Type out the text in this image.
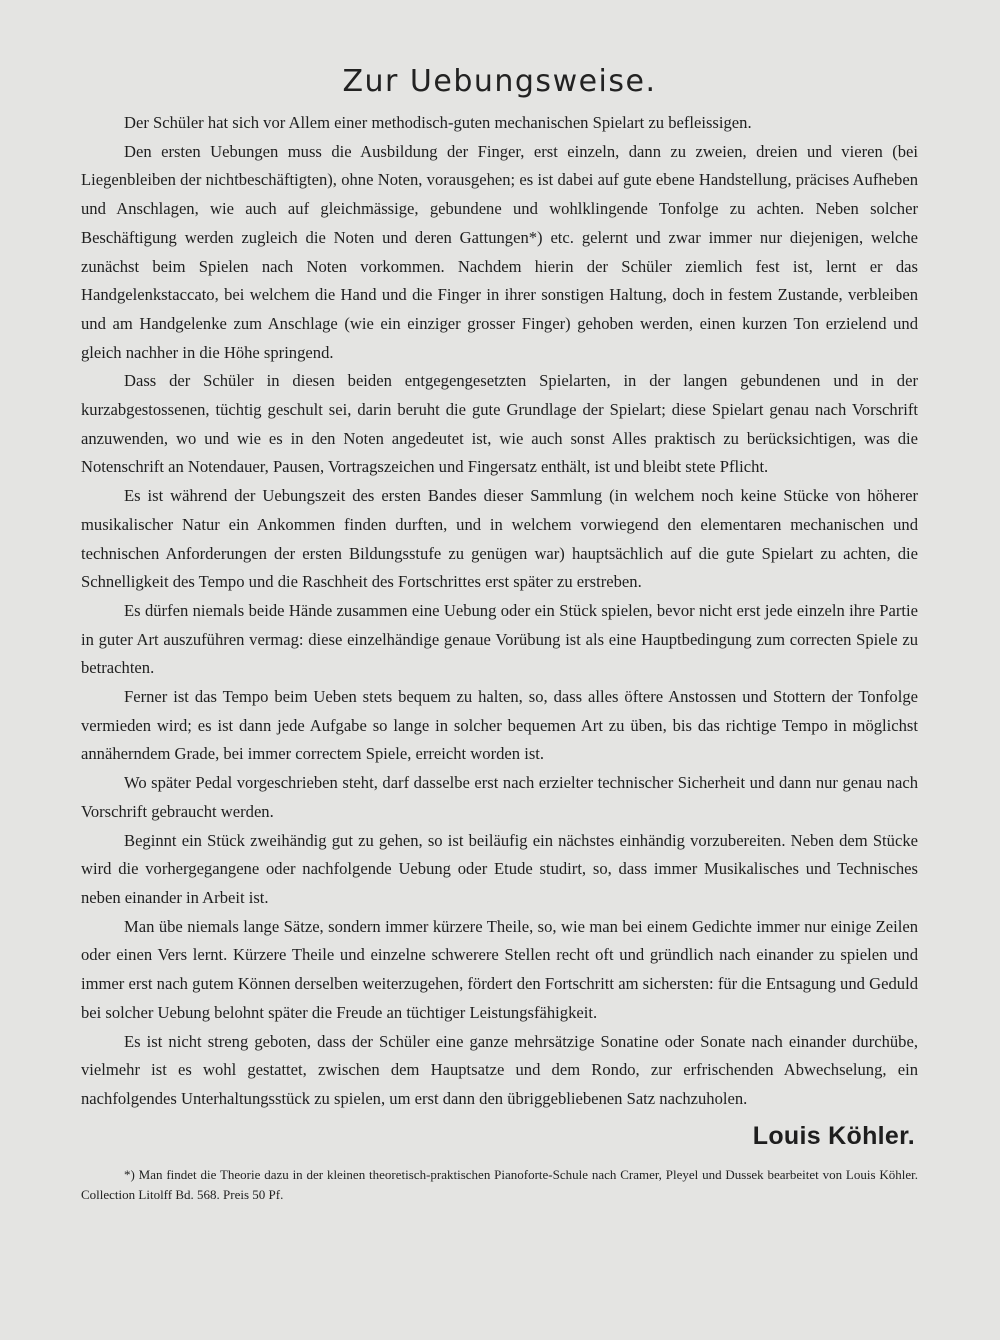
Zur Uebungsweise.

Der Schüler hat sich vor Allem einer methodisch-guten mechanischen Spielart zu befleissigen.

Den ersten Uebungen muss die Ausbildung der Finger, erst einzeln, dann zu zweien, dreien und vieren (bei Liegenbleiben der nichtbeschäftigten), ohne Noten, vorausgehen; es ist dabei auf gute ebene Handstellung, präcises Aufheben und Anschlagen, wie auch auf gleichmässige, gebundene und wohlklingende Tonfolge zu achten. Neben solcher Beschäftigung werden zugleich die Noten und deren Gattungen*) etc. gelernt und zwar immer nur diejenigen, welche zunächst beim Spielen nach Noten vorkommen. Nachdem hierin der Schüler ziemlich fest ist, lernt er das Handgelenkstaccato, bei welchem die Hand und die Finger in ihrer sonstigen Haltung, doch in festem Zustande, verbleiben und am Handgelenke zum Anschlage (wie ein einziger grosser Finger) gehoben werden, einen kurzen Ton erzielend und gleich nachher in die Höhe springend.

Dass der Schüler in diesen beiden entgegengesetzten Spielarten, in der langen gebundenen und in der kurzabgestossenen, tüchtig geschult sei, darin beruht die gute Grundlage der Spielart; diese Spielart genau nach Vorschrift anzuwenden, wo und wie es in den Noten angedeutet ist, wie auch sonst Alles praktisch zu berücksichtigen, was die Notenschrift an Notendauer, Pausen, Vortragszeichen und Fingersatz enthält, ist und bleibt stete Pflicht.

Es ist während der Uebungszeit des ersten Bandes dieser Sammlung (in welchem noch keine Stücke von höherer musikalischer Natur ein Ankommen finden durften, und in welchem vorwiegend den elementaren mechanischen und technischen Anforderungen der ersten Bildungsstufe zu genügen war) hauptsächlich auf die gute Spielart zu achten, die Schnelligkeit des Tempo und die Raschheit des Fortschrittes erst später zu erstreben.

Es dürfen niemals beide Hände zusammen eine Uebung oder ein Stück spielen, bevor nicht erst jede einzeln ihre Partie in guter Art auszuführen vermag: diese einzelhändige genaue Vorübung ist als eine Hauptbedingung zum correcten Spiele zu betrachten.

Ferner ist das Tempo beim Ueben stets bequem zu halten, so, dass alles öftere Anstossen und Stottern der Tonfolge vermieden wird; es ist dann jede Aufgabe so lange in solcher bequemen Art zu üben, bis das richtige Tempo in möglichst annäherndem Grade, bei immer correctem Spiele, erreicht worden ist.

Wo später Pedal vorgeschrieben steht, darf dasselbe erst nach erzielter technischer Sicherheit und dann nur genau nach Vorschrift gebraucht werden.

Beginnt ein Stück zweihändig gut zu gehen, so ist beiläufig ein nächstes einhändig vorzubereiten. Neben dem Stücke wird die vorhergegangene oder nachfolgende Uebung oder Etude studirt, so, dass immer Musikalisches und Technisches neben einander in Arbeit ist.

Man übe niemals lange Sätze, sondern immer kürzere Theile, so, wie man bei einem Gedichte immer nur einige Zeilen oder einen Vers lernt. Kürzere Theile und einzelne schwerere Stellen recht oft und gründlich nach einander zu spielen und immer erst nach gutem Können derselben weiterzugehen, fördert den Fortschritt am sichersten: für die Entsagung und Geduld bei solcher Uebung belohnt später die Freude an tüchtiger Leistungsfähigkeit.

Es ist nicht streng geboten, dass der Schüler eine ganze mehrsätzige Sonatine oder Sonate nach einander durchübe, vielmehr ist es wohl gestattet, zwischen dem Hauptsatze und dem Rondo, zur erfrischenden Abwechselung, ein nachfolgendes Unterhaltungsstück zu spielen, um erst dann den übriggebliebenen Satz nachzuholen.

Louis Köhler.

*) Man findet die Theorie dazu in der kleinen theoretisch-praktischen Pianoforte-Schule nach Cramer, Pleyel und Dussek bearbeitet von Louis Köhler. Collection Litolff Bd. 568. Preis 50 Pf.
